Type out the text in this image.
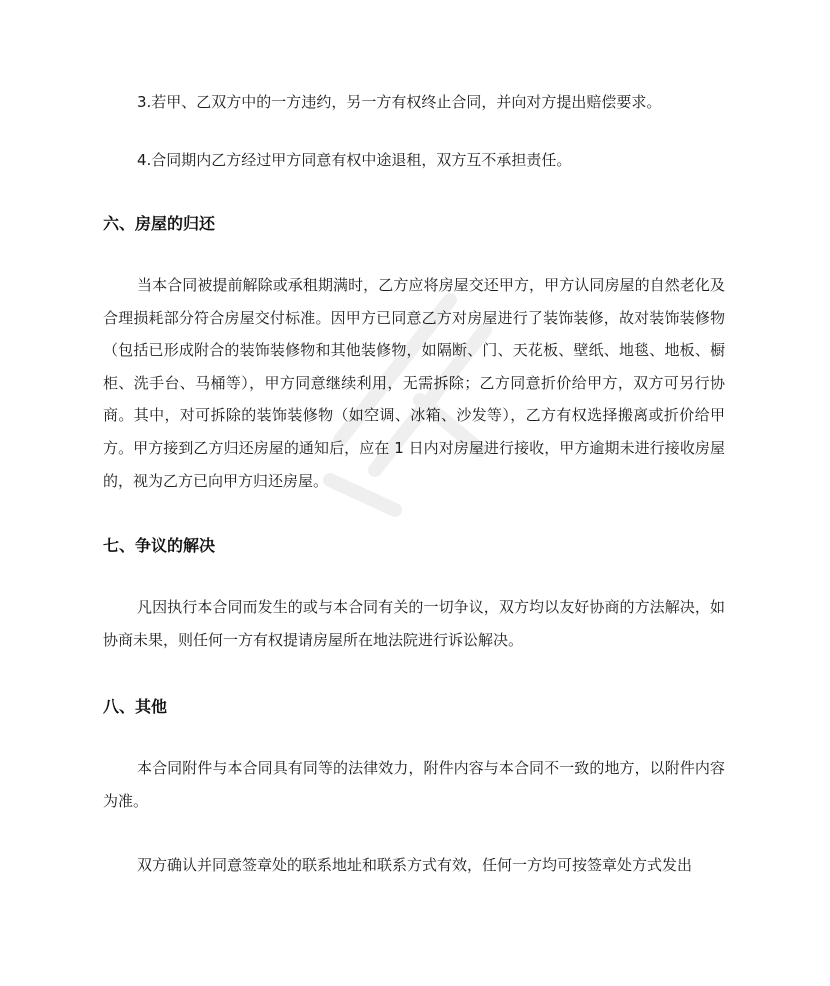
3.若甲、乙双方中的一方违约，另一方有权终止合同，并向对方提出赔偿要求。
4.合同期内乙方经过甲方同意有权中途退租，双方互不承担责任。
六、房屋的归还
当本合同被提前解除或承租期满时，乙方应将房屋交还甲方，甲方认同房屋的自然老化及合理损耗部分符合房屋交付标准。因甲方已同意乙方对房屋进行了装饰装修，故对装饰装修物（包括已形成附合的装饰装修物和其他装修物，如隔断、门、天花板、壁纸、地毯、地板、橱柜、洗手台、马桶等），甲方同意继续利用，无需拆除；乙方同意折价给甲方，双方可另行协商。其中，对可拆除的装饰装修物（如空调、冰箱、沙发等），乙方有权选择搬离或折价给甲方。甲方接到乙方归还房屋的通知后，应在 1 日内对房屋进行接收，甲方逾期未进行接收房屋的，视为乙方已向甲方归还房屋。
七、争议的解决
凡因执行本合同而发生的或与本合同有关的一切争议，双方均以友好协商的方法解决，如协商未果，则任何一方有权提请房屋所在地法院进行诉讼解决。
八、其他
本合同附件与本合同具有同等的法律效力，附件内容与本合同不一致的地方，以附件内容为准。
双方确认并同意签章处的联系地址和联系方式有效，任何一方均可按签章处方式发出
